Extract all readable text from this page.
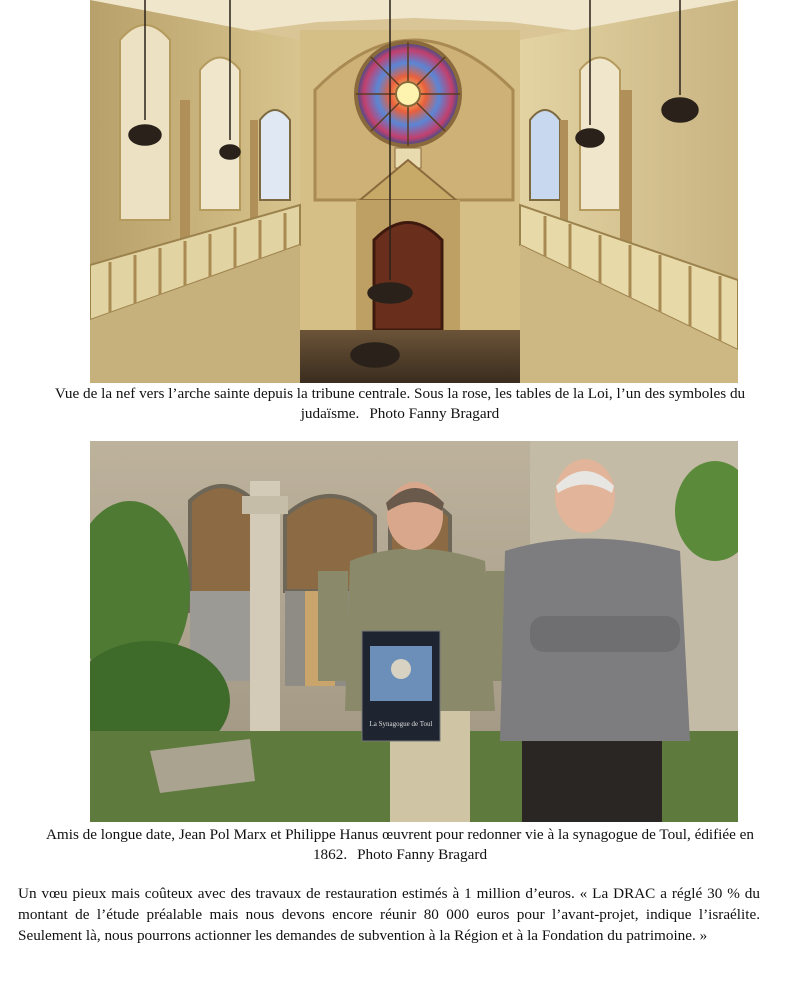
Vue de la nef vers l’arche sainte depuis la tribune centrale. Sous la rose, les tables de la Loi, l’un des symboles du judaïsme. Photo Fanny Bragard
La Synagogue de Toul
Amis de longue date, Jean Pol Marx et Philippe Hanus œuvrent pour redonner vie à la synagogue de Toul, édifiée en 1862. Photo Fanny Bragard

Un vœu pieux mais coûteux avec des travaux de restauration estimés à 1 million d’euros. « La DRAC a réglé 30 % du montant de l’étude préalable mais nous devons encore réunir 80 000 euros pour l’avant-projet, indique l’israélite. Seulement là, nous pourrons actionner les demandes de subvention à la Région et à la Fondation du patrimoine. »
